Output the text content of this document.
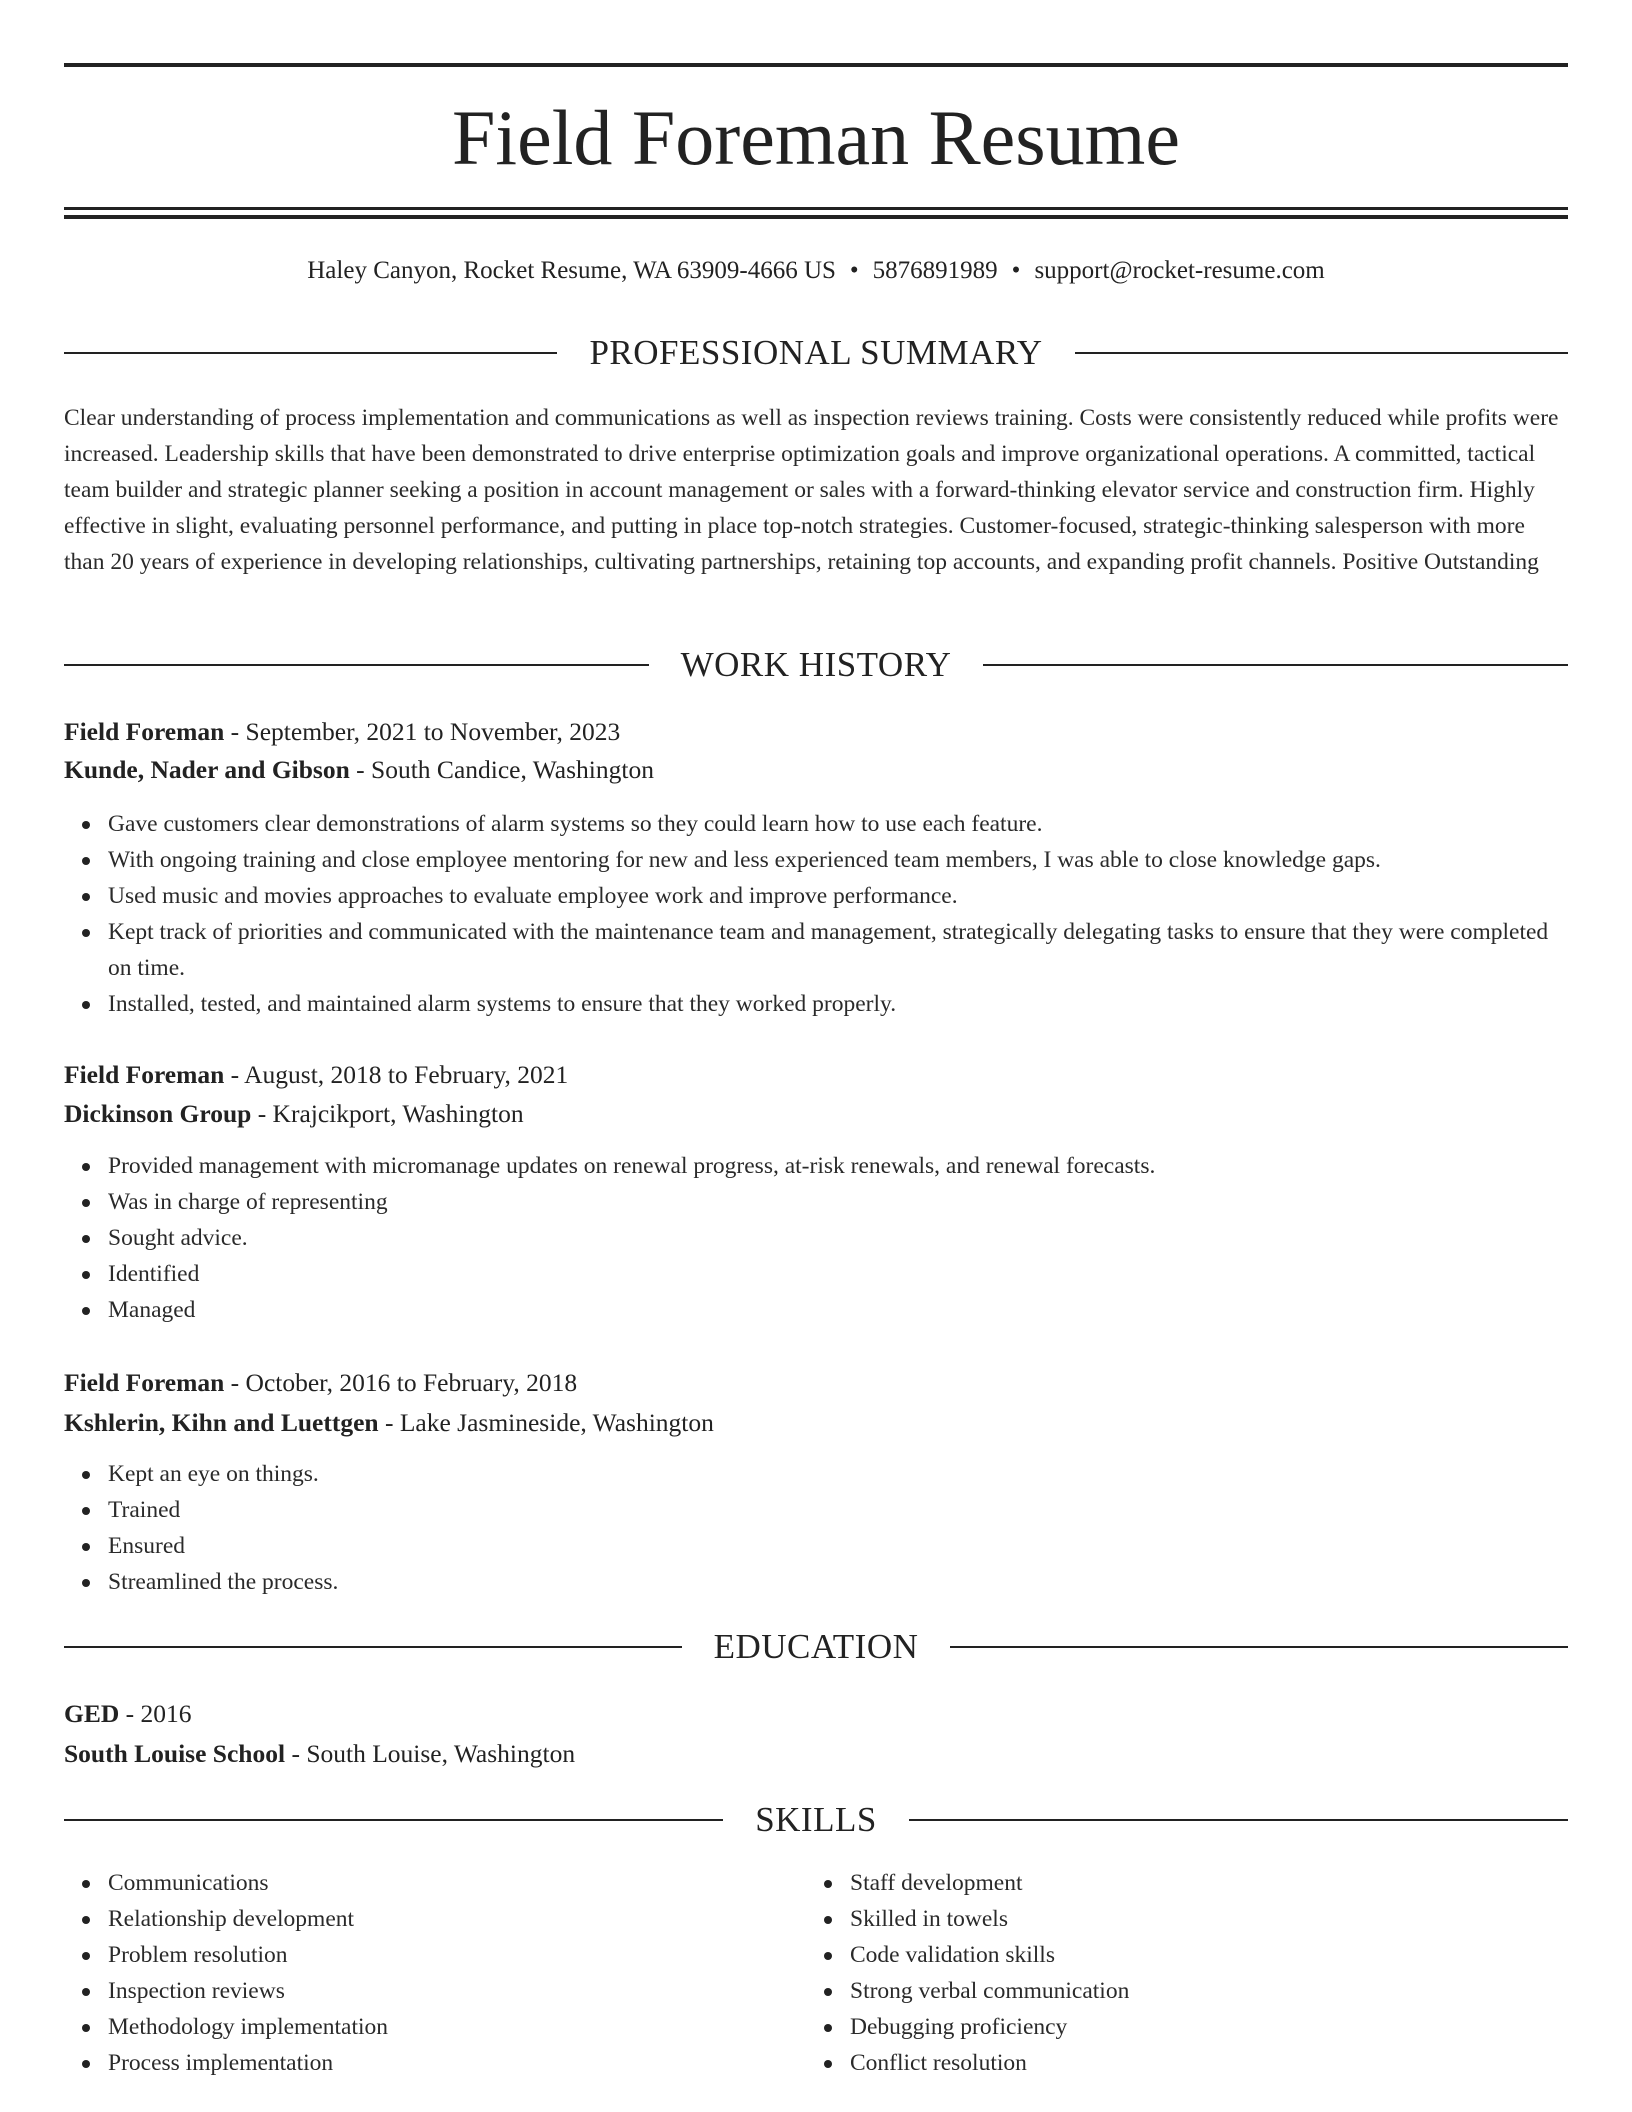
Field Foreman Resume
Haley Canyon, Rocket Resume, WA 63909-4666 US • 5876891989 • support@rocket-resume.com
PROFESSIONAL SUMMARY
Clear understanding of process implementation and communications as well as inspection reviews training. Costs were consistently reduced while profits were increased. Leadership skills that have been demonstrated to drive enterprise optimization goals and improve organizational operations. A committed, tactical team builder and strategic planner seeking a position in account management or sales with a forward-thinking elevator service and construction firm. Highly effective in slight, evaluating personnel performance, and putting in place top-notch strategies. Customer-focused, strategic-thinking salesperson with more than 20 years of experience in developing relationships, cultivating partnerships, retaining top accounts, and expanding profit channels. Positive Outstanding
WORK HISTORY
Field Foreman - September, 2021 to November, 2023
Kunde, Nader and Gibson - South Candice, Washington
Gave customers clear demonstrations of alarm systems so they could learn how to use each feature.
With ongoing training and close employee mentoring for new and less experienced team members, I was able to close knowledge gaps.
Used music and movies approaches to evaluate employee work and improve performance.
Kept track of priorities and communicated with the maintenance team and management, strategically delegating tasks to ensure that they were completed on time.
Installed, tested, and maintained alarm systems to ensure that they worked properly.
Field Foreman - August, 2018 to February, 2021
Dickinson Group - Krajcikport, Washington
Provided management with micromanage updates on renewal progress, at-risk renewals, and renewal forecasts.
Was in charge of representing
Sought advice.
Identified
Managed
Field Foreman - October, 2016 to February, 2018
Kshlerin, Kihn and Luettgen - Lake Jasmineside, Washington
Kept an eye on things.
Trained
Ensured
Streamlined the process.
EDUCATION
GED - 2016
South Louise School - South Louise, Washington
SKILLS
Communications
Relationship development
Problem resolution
Inspection reviews
Methodology implementation
Process implementation
Staff development
Skilled in towels
Code validation skills
Strong verbal communication
Debugging proficiency
Conflict resolution
